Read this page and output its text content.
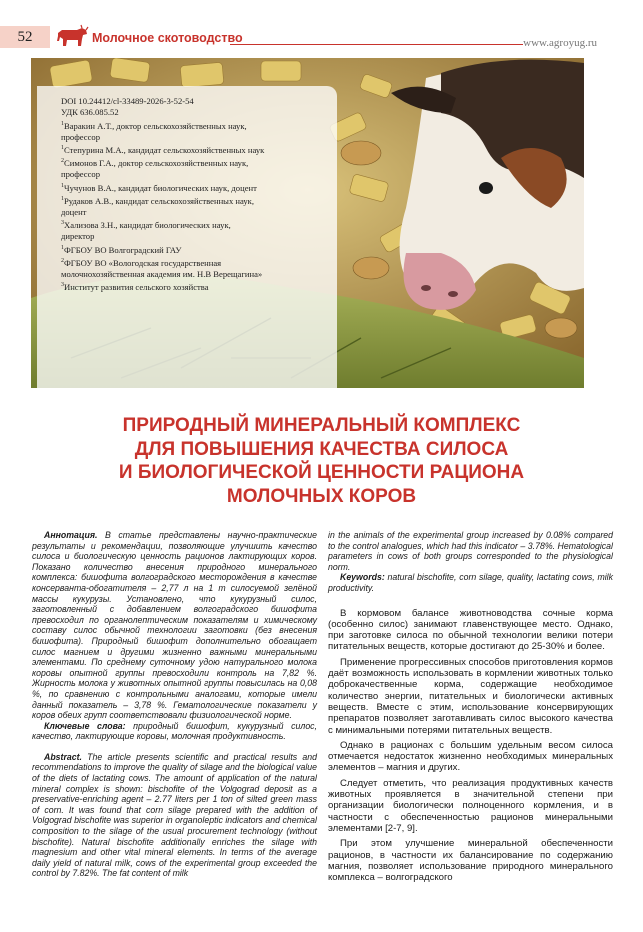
52	Молочное скотоводство	www.agroyug.ru

DOI 10.24412/cl-33489-2026-3-52-54

УДК 636.085.52

$^1$Варакин А.Т., доктор сельскохозяйственных наук,

профессор

$^1$Степурина М.А., кандидат сельскохозяйственных наук

$^2$Симонов Г.А., доктор сельскохозяйственных наук,

профессор

$^1$Чучунов В.А., кандидат биологических наук, доцент

$^1$Рудаков А.В., кандидат сельскохозяйственных наук,

доцент

$^3$Хализова З.Н., кандидат биологических наук,

директор

$^1$ФГБОУ ВО Волгоградский ГАУ

$^2$ФГБОУ ВО «Вологодская государственная

молочнохозяйственная академия им. Н.В Верещагина»

$^3$Институт развития сельского хозяйства

ПРИРОДНЫЙ МИНЕРАЛЬНЫЙ КОМПЛЕКС
ДЛЯ ПОВЫШЕНИЯ КАЧЕСТВА СИЛОСА
И БИОЛОГИЧЕСКОЙ ЦЕННОСТИ РАЦИОНА
МОЛОЧНЫХ КОРОВ

Аннотация. В статье представлены научно-практические результаты и рекомендации, позволяющие улучшить качество силоса и биологическую ценность рационов лактирующих коров. Показано количество внесения природного минерального комплекса: бишофита волгоградского месторождения в качестве консерванта-обогатителя – 2,77 л на 1 т силосуемой зелёной массы кукурузы. Установлено, что кукурузный силос, заготовленный с добавлением волгоградского бишофита превосходил по органолептическим показателям и химическому составу силос обычной технологии заготовки (без внесения бишофита). Природный бишофит дополнительно обогащает силос магнием и другими жизненно важными минеральными элементами. По среднему суточному удою натурального молока коровы опытной группы превосходили контроль на 7,82 %. Жирность молока у животных опытной группы повысилась на 0,08 %, по сравнению с контрольными аналогами, которые имели данный показатель – 3,78 %. Гематологические показатели у коров обеих групп соответствовали физиологической норме.

Ключевые слова: природный бишофит, кукурузный силос, качество, лактирующие коровы, молочная продуктивность.

Abstract. The article presents scientific and practical results and recommendations to improve the quality of silage and the biological value of the diets of lactating cows. The amount of application of the natural mineral complex is shown: bischofite of the Volgograd deposit as a preservative-enriching agent – 2.77 liters per 1 ton of silted green mass of corn. It was found that corn silage prepared with the addition of Volgograd bischofite was superior in organoleptic indicators and chemical composition to the silage of the usual procurement technology (without bischofite). Natural bischofite additionally enriches the silage with magnesium and other vital mineral elements. In terms of the average daily yield of natural milk, cows of the experimental group exceeded the control by 7.82%. The fat content of milk

in the animals of the experimental group increased by 0.08% compared to the control analogues, which had this indicator – 3.78%. Hematological parameters in cows of both groups corresponded to the physiological norm.

Keywords: natural bischofite, corn silage, quality, lactating cows, milk productivity.

В кормовом балансе животноводства сочные корма (особенно силос) занимают главенствующее место. Однако, при заготовке силоса по обычной технологии велики потери питательных веществ, которые достигают до 25-30% и более.

Применение прогрессивных способов приготовления кормов даёт возможность использовать в кормлении животных только доброкачественные корма, содержащие необходимое количество энергии, питательных и биологически активных веществ. Вместе с этим, использование консервирующих препаратов позволяет заготавливать силос высокого качества с минимальными потерями питательных веществ.

Однако в рационах с большим удельным весом силоса отмечается недостаток жизненно необходимых минеральных элементов – магния и других.

Следует отметить, что реализация продуктивных качеств животных проявляется в значительной степени при организации биологически полноценного кормления, и в частности с обеспеченностью рационов минеральными элементами [2-7, 9].

При этом улучшение минеральной обеспеченности рационов, в частности их балансирование по содержанию магния, позволяет использование природного минерального комплекса – волгоградского
